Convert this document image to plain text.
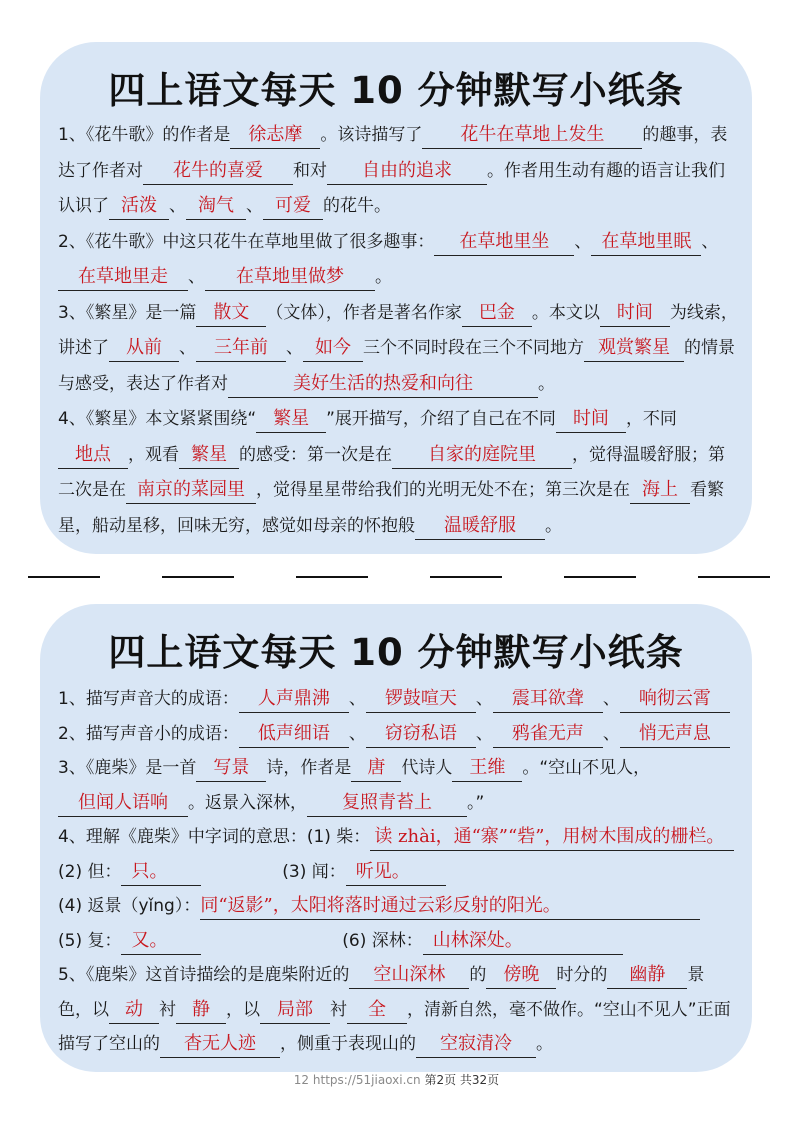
四上语文每天 10 分钟默写小纸条

1、《花牛歌》的作者是 徐志摩 。该诗描写了 花牛在草地上发生 的趣事，表达了作者对 花牛的喜爱 和对 自由的追求 。作者用生动有趣的语言让我们认识了 活泼 、 淘气 、 可爱 的花牛。

2、《花牛歌》中这只花牛在草地里做了很多趣事： 在草地里坐 、 在草地里眠 、在草地里走 、 在草地里做梦 。

3、《繁星》是一篇 散文 （文体），作者是著名作家 巴金 。本文以 时间 为线索，讲述了 从前 、 三年前 、 如今 三个不同时段在三个不同地方 观赏繁星 的情景与感受，表达了作者对	美好生活的热爱和向往	。

4、《繁星》本文紧紧围绕“ 繁星 ”展开描写，介绍了自己在不同 时间 ，不同地点 ，观看 繁星 的感受：第一次是在 自家的庭院里 ，觉得温暖舒服；第二次是在 南京的菜园里 ，觉得星星带给我们的光明无处不在；第三次是在 海上 看繁星，船动星移，回味无穷，感觉如母亲的怀抱般 温暖舒服 。

四上语文每天 10 分钟默写小纸条

1、描写声音大的成语： 人声鼎沸 、 锣鼓喧天 、 震耳欲聋 、 响彻云霄

2、描写声音小的成语： 低声细语 、 窃窃私语 、 鸦雀无声 、 悄无声息

3、《鹿柴》是一首 写景 诗，作者是 唐 代诗人 王维 。“空山不见人，但闻人语响 。返景入深林， 复照青苔上 。”

4、理解《鹿柴》中字词的意思：(1) 柴： 读 zhài，通“寨”“砦”，用树木围成的栅栏。
(2) 但： 只。	(3) 闻： 听见。
(4) 返景（yǐng）：同“返影”，太阳将落时通过云彩反射的阳光。
(5) 复： 又。	(6) 深林： 山林深处。

5、《鹿柴》这首诗描绘的是鹿柴附近的 空山深林 的 傍晚 时分的 幽静 景色，以 动 衬 静 ，以 局部 衬 全 ，清新自然，毫不做作。“空山不见人”正面描写了空山的 杳无人迹 ，侧重于表现山的 空寂清冷 。

12 https://51jiaoxi.cn 第2页 共32页
